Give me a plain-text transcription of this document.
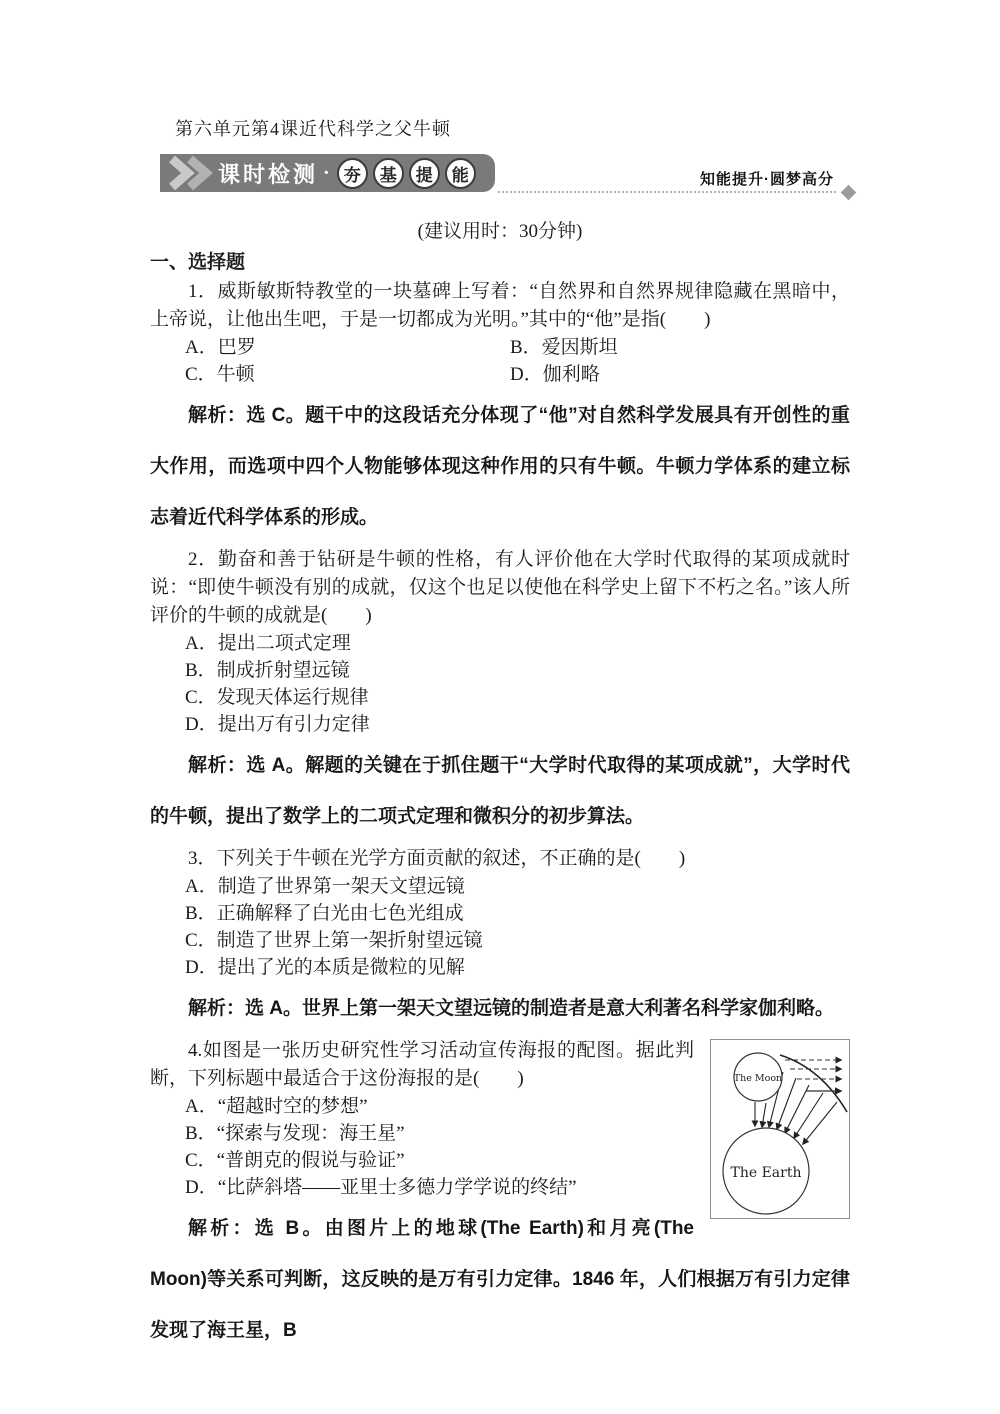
第六单元第4课近代科学之父牛顿
课时检测 · 夯	基	提	能	知能提升·圆梦高分
(建议用时：30分钟)
一、选择题

1．威斯敏斯特教堂的一块墓碑上写着：“自然界和自然界规律隐藏在黑暗中，上帝说，让他出生吧，于是一切都成为光明。”其中的“他”是指(　　)

A．巴罗	B．爱因斯坦
C．牛顿	D．伽利略

解析：选 C。题干中的这段话充分体现了“他”对自然科学发展具有开创性的重大作用，而选项中四个人物能够体现这种作用的只有牛顿。牛顿力学体系的建立标志着近代科学体系的形成。

2．勤奋和善于钻研是牛顿的性格，有人评价他在大学时代取得的某项成就时说：“即使牛顿没有别的成就，仅这个也足以使他在科学史上留下不朽之名。”该人所评价的牛顿的成就是(　　)

A．提出二项式定理
B．制成折射望远镜
C．发现天体运行规律
D．提出万有引力定律

解析：选 A。解题的关键在于抓住题干“大学时代取得的某项成就”，大学时代的牛顿，提出了数学上的二项式定理和微积分的初步算法。

3．下列关于牛顿在光学方面贡献的叙述，不正确的是(　　)

A．制造了世界第一架天文望远镜
B．正确解释了白光由七色光组成
C．制造了世界上第一架折射望远镜
D．提出了光的本质是微粒的见解

解析：选 A。世界上第一架天文望远镜的制造者是意大利著名科学家伽利略。

The Moon
The Earth

4.如图是一张历史研究性学习活动宣传海报的配图。据此判断，下列标题中最适合于这份海报的是(　　)

A．“超越时空的梦想”
B．“探索与发现：海王星”
C．“普朗克的假说与验证”
D．“比萨斜塔——亚里士多德力学学说的终结”

解析：选 B。由图片上的地球(The Earth)和月亮(The Moon)等关系可判断，这反映的是万有引力定律。1846 年，人们根据万有引力定律发现了海王星，B
